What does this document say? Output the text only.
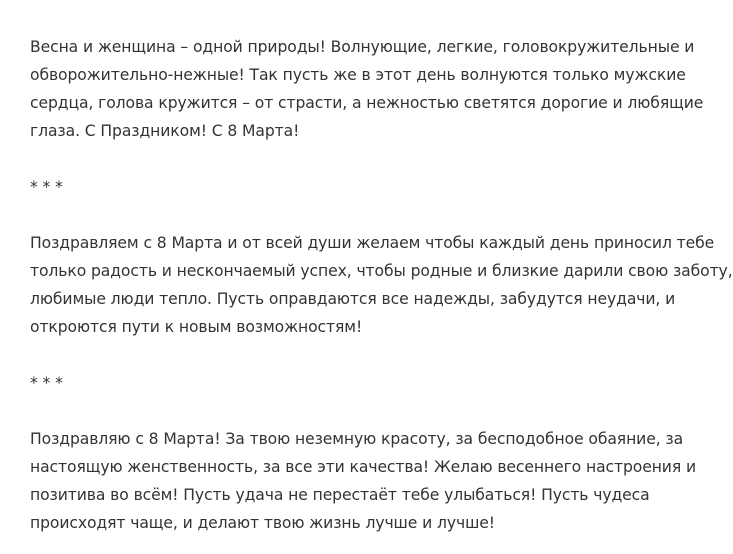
Весна и женщина – одной природы! Волнующие, легкие, головокружительные и
обворожительно-нежные! Так пусть же в этот день волнуются только мужские
сердца, голова кружится – от страсти, а нежностью светятся дорогие и любящие
глаза. С Праздником! С 8 Марта!

* * *

Поздравляем с 8 Марта и от всей души желаем чтобы каждый день приносил тебе
только радость и нескончаемый успех, чтобы родные и близкие дарили свою заботу,
любимые люди тепло. Пусть оправдаются все надежды, забудутся неудачи, и
откроются пути к новым возможностям!

* * *

Поздравляю с 8 Марта! За твою неземную красоту, за бесподобное обаяние, за
настоящую женственность, за все эти качества! Желаю весеннего настроения и
позитива во всём! Пусть удача не перестаёт тебе улыбаться! Пусть чудеса
происходят чаще, и делают твою жизнь лучше и лучше!
